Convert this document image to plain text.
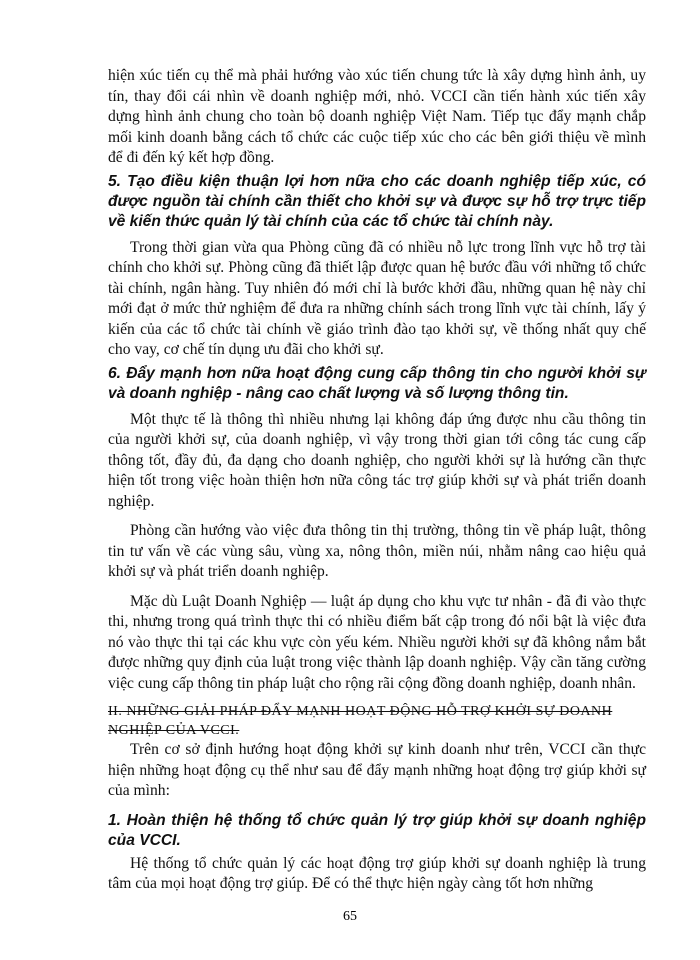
hiện xúc tiến cụ thể mà phải hướng vào xúc tiến chung tức là xây dựng hình ảnh, uy tín, thay đổi cái nhìn về doanh nghiệp mới, nhỏ. VCCI cần tiến hành xúc tiến xây dựng hình ảnh chung cho toàn bộ doanh nghiệp Việt Nam. Tiếp tục đẩy mạnh chắp mối kinh doanh bằng cách tổ chức các cuộc tiếp xúc cho các bên giới thiệu về mình để đi đến ký kết hợp đồng.

5. Tạo điều kiện thuận lợi hơn nữa cho các doanh nghiệp tiếp xúc, có được nguồn tài chính cần thiết cho khởi sự và được sự hỗ trợ trực tiếp về kiến thức quản lý tài chính của các tổ chức tài chính này.

Trong thời gian vừa qua Phòng cũng đã có nhiều nỗ lực trong lĩnh vực hỗ trợ tài chính cho khởi sự. Phòng cũng đã thiết lập được quan hệ bước đầu với những tổ chức tài chính, ngân hàng. Tuy nhiên đó mới chỉ là bước khởi đầu, những quan hệ này chỉ mới đạt ở mức thử nghiệm để đưa ra những chính sách trong lĩnh vực tài chính, lấy ý kiến của các tổ chức tài chính về giáo trình đào tạo khởi sự, về thống nhất quy chế cho vay, cơ chế tín dụng ưu đãi cho khởi sự.

6. Đẩy mạnh hơn nữa hoạt động cung cấp thông tin cho người khởi sự và doanh nghiệp - nâng cao chất lượng và số lượng thông tin.

Một thực tế là thông thì nhiều nhưng lại không đáp ứng được nhu cầu thông tin của người khởi sự, của doanh nghiệp, vì vậy trong thời gian tới công tác cung cấp thông tốt, đầy đủ, đa dạng cho doanh nghiệp, cho người khởi sự là hướng cần thực hiện tốt trong việc hoàn thiện hơn nữa công tác trợ giúp khởi sự và phát triển doanh nghiệp.

Phòng cần hướng vào việc đưa thông tin thị trường, thông tin về pháp luật, thông tin tư vấn về các vùng sâu, vùng xa, nông thôn, miền núi, nhằm nâng cao hiệu quả khởi sự và phát triển doanh nghiệp.

Mặc dù Luật Doanh Nghiệp — luật áp dụng cho khu vực tư nhân - đã đi vào thực thi, nhưng trong quá trình thực thi có nhiều điểm bất cập trong đó nổi bật là việc đưa nó vào thực thi tại các khu vực còn yếu kém. Nhiều người khởi sự đã không nắm bắt được những quy định của luật trong việc thành lập doanh nghiệp. Vậy cần tăng cường việc cung cấp thông tin pháp luật cho rộng rãi cộng đồng doanh nghiệp, doanh nhân.

II. NHỮNG GIẢI PHÁP ĐẨY MẠNH HOẠT ĐỘNG HỖ TRỢ KHỞI SỰ DOANH NGHIỆP CỦA VCCI.

Trên cơ sở định hướng hoạt động khởi sự kinh doanh như trên, VCCI cần thực hiện những hoạt động cụ thể như sau để đẩy mạnh những hoạt động trợ giúp khởi sự của mình:

1. Hoàn thiện hệ thống tổ chức quản lý trợ giúp khởi sự doanh nghiệp của VCCI.

Hệ thống tổ chức quản lý các hoạt động trợ giúp khởi sự doanh nghiệp là trung tâm của mọi hoạt động trợ giúp. Để có thể thực hiện ngày càng tốt hơn những

65
